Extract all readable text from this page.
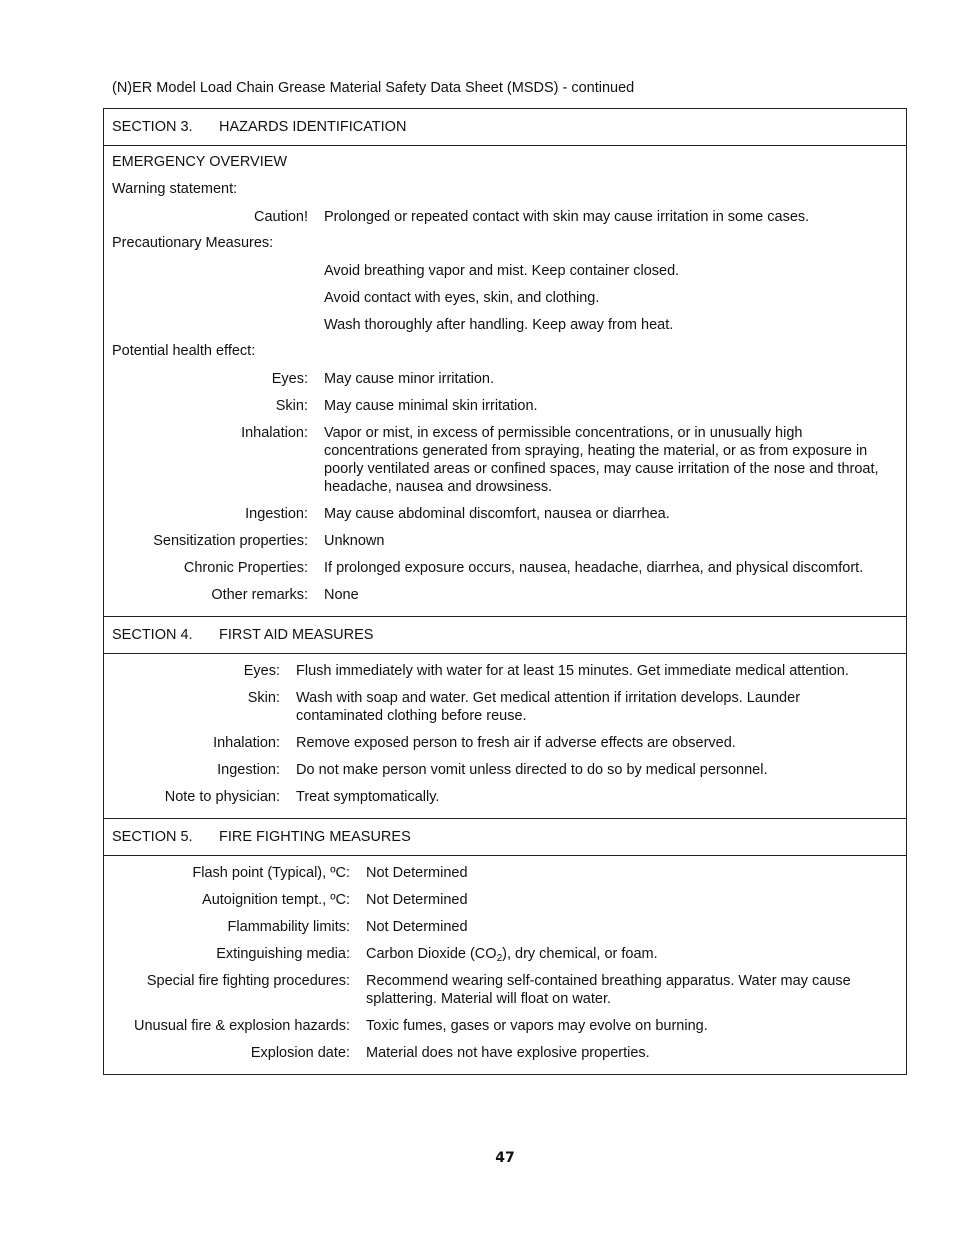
(N)ER Model Load Chain Grease Material Safety Data Sheet (MSDS) - continued
SECTION 3. HAZARDS IDENTIFICATION
EMERGENCY OVERVIEW
Warning statement:
Caution!	Prolonged or repeated contact with skin may cause irritation in some cases.
Precautionary Measures:
Avoid breathing vapor and mist. Keep container closed.
Avoid contact with eyes, skin, and clothing.
Wash thoroughly after handling. Keep away from heat.
Potential health effect:
Eyes:	May cause minor irritation.
Skin:	May cause minimal skin irritation.
Inhalation:	Vapor or mist, in excess of permissible concentrations, or in unusually high concentrations generated from spraying, heating the material, or as from exposure in poorly ventilated areas or confined spaces, may cause irritation of the nose and throat, headache, nausea and drowsiness.
Ingestion:	May cause abdominal discomfort, nausea or diarrhea.
Sensitization properties:	Unknown
Chronic Properties:	If prolonged exposure occurs, nausea, headache, diarrhea, and physical discomfort.
Other remarks:	None
SECTION 4. FIRST AID MEASURES
Eyes:	Flush immediately with water for at least 15 minutes. Get immediate medical attention.
Skin:	Wash with soap and water. Get medical attention if irritation develops. Launder contaminated clothing before reuse.
Inhalation:	Remove exposed person to fresh air if adverse effects are observed.
Ingestion:	Do not make person vomit unless directed to do so by medical personnel.
Note to physician:	Treat symptomatically.
SECTION 5. FIRE FIGHTING MEASURES
Flash point (Typical), ºC:	Not Determined
Autoignition tempt., ºC:	Not Determined
Flammability limits:	Not Determined
Extinguishing media:	Carbon Dioxide $(CO_2)$, dry chemical, or foam.
Special fire fighting procedures:	Recommend wearing self-contained breathing apparatus. Water may cause splattering. Material will float on water.
Unusual fire & explosion hazards:	Toxic fumes, gases or vapors may evolve on burning.
Explosion date:	Material does not have explosive properties.
47
